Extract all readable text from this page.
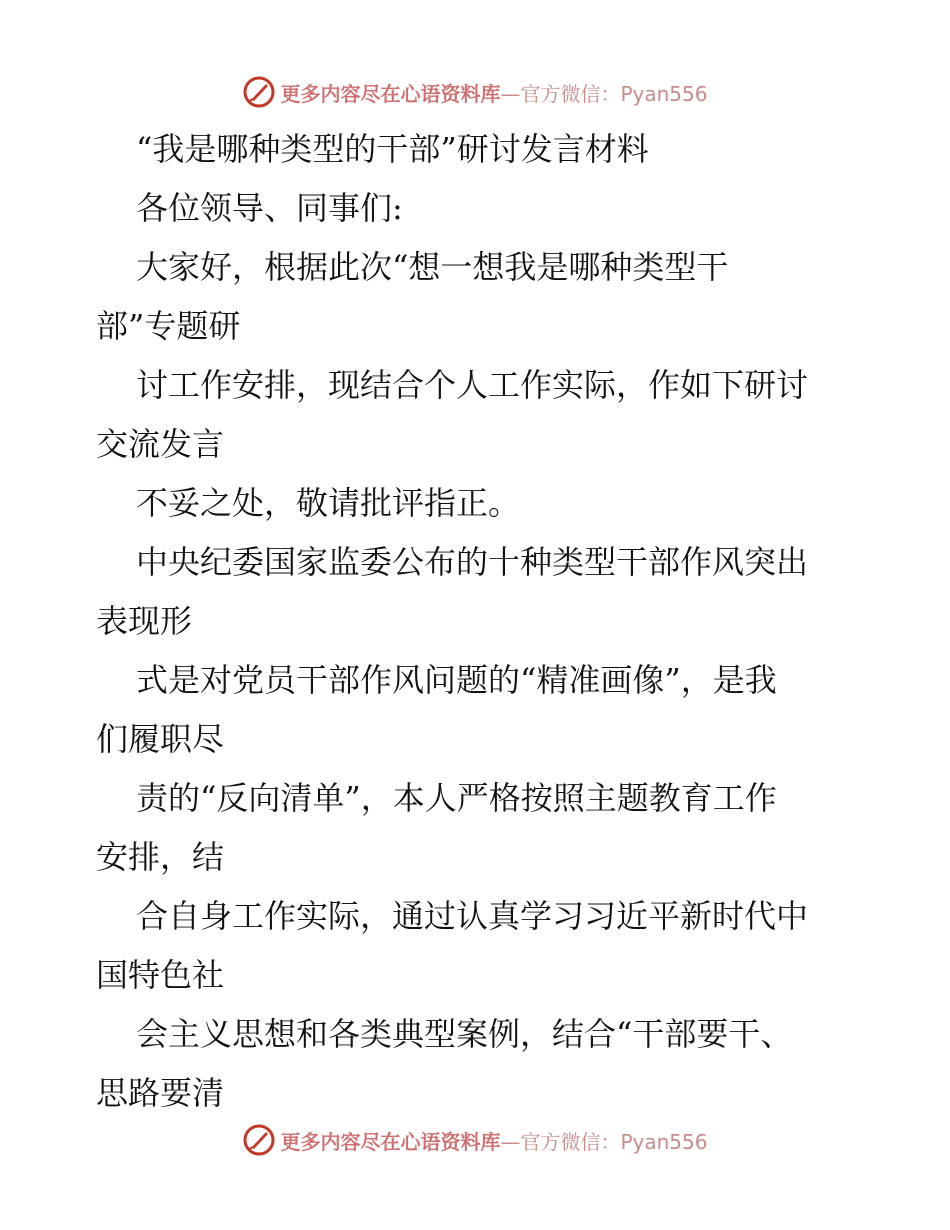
更多内容尽在心语资料库 —官方微信：Pyan556
“我是哪种类型的干部”研讨发言材料
各位领导、同事们:
大家好，根据此次“想一想我是哪种类型干
部”专题研
讨工作安排，现结合个人工作实际，作如下研讨
交流发言
不妥之处，敬请批评指正。
中央纪委国家监委公布的十种类型干部作风突出
表现形
式是对党员干部作风问题的“精准画像”，是我
们履职尽
责的“反向清单”，本人严格按照主题教育工作
安排，结
合自身工作实际，通过认真学习习近平新时代中
国特色社
会主义思想和各类典型案例，结合“干部要干、
思路要清
更多内容尽在心语资料库 —官方微信：Pyan556
